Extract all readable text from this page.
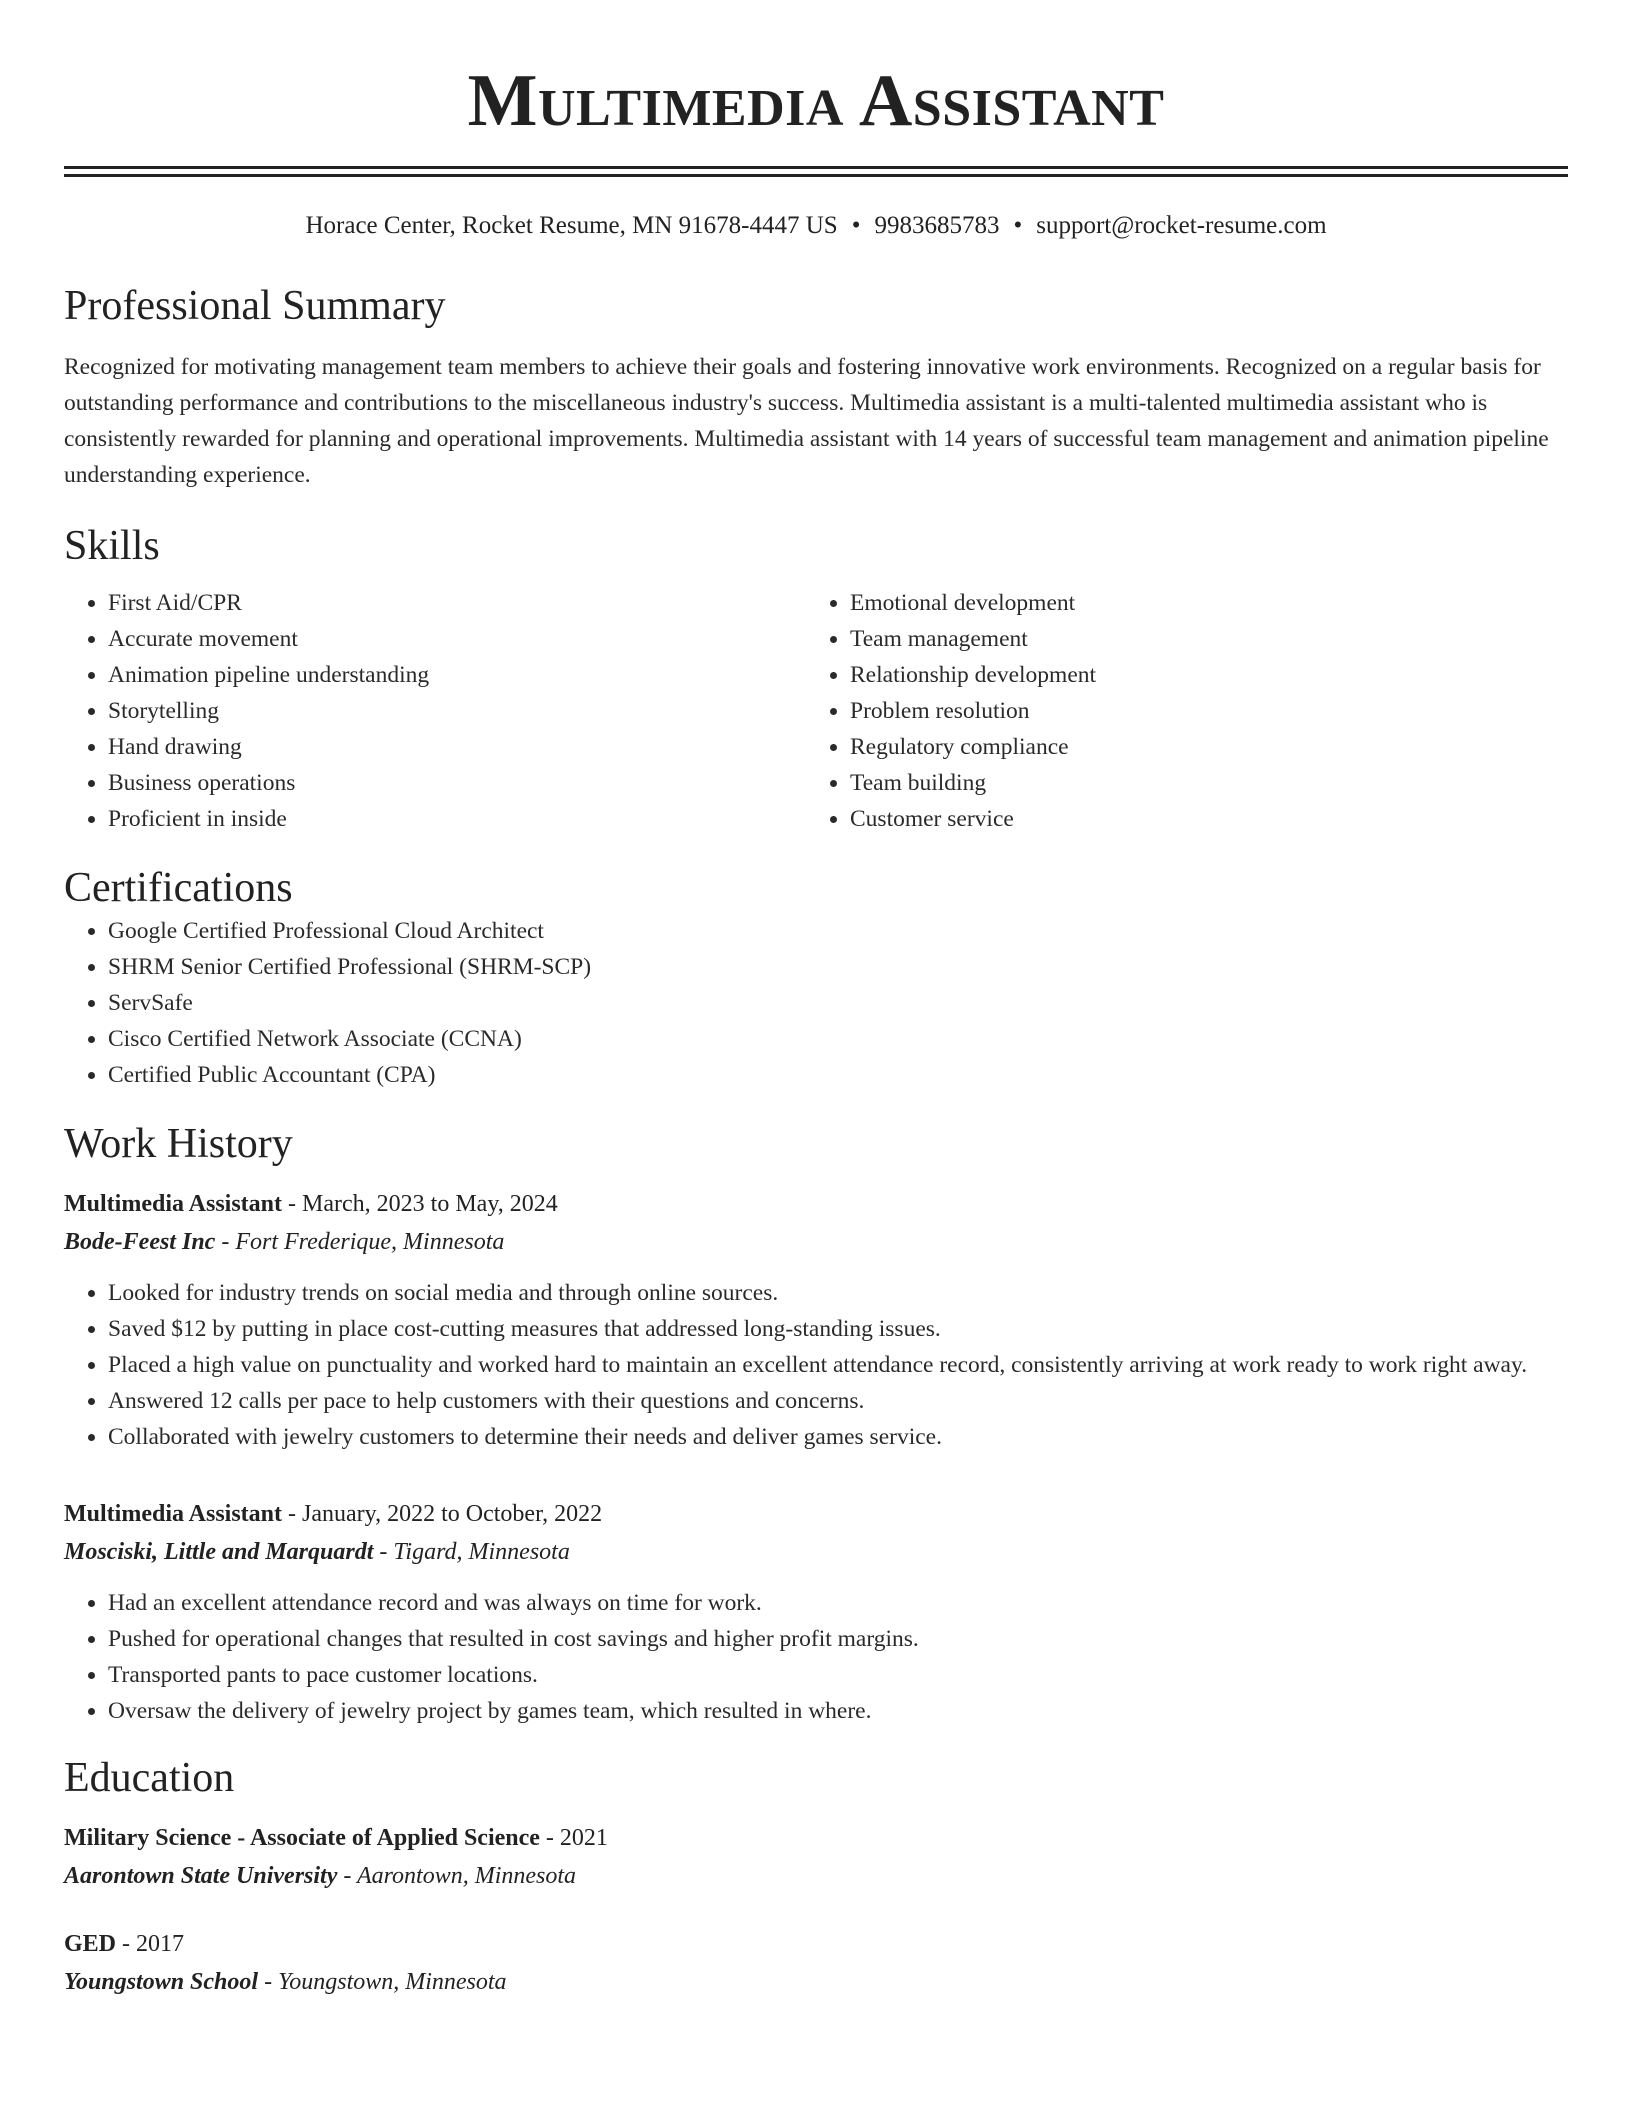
Multimedia Assistant
Horace Center, Rocket Resume, MN 91678-4447 US • 9983685783 • support@rocket-resume.com
Professional Summary

Recognized for motivating management team members to achieve their goals and fostering innovative work environments. Recognized on a regular basis for outstanding performance and contributions to the miscellaneous industry's success. Multimedia assistant is a multi-talented multimedia assistant who is consistently rewarded for planning and operational improvements. Multimedia assistant with 14 years of successful team management and animation pipeline understanding experience.

Skills
• First Aid/CPR
• Accurate movement
• Animation pipeline understanding
• Storytelling
• Hand drawing
• Business operations
• Proficient in inside
• Emotional development
• Team management
• Relationship development
• Problem resolution
• Regulatory compliance
• Team building
• Customer service
Certifications
• Google Certified Professional Cloud Architect
• SHRM Senior Certified Professional (SHRM-SCP)
• ServSafe
• Cisco Certified Network Associate (CCNA)
• Certified Public Accountant (CPA)
Work History
Multimedia Assistant - March, 2023 to May, 2024
Bode-Feest Inc - Fort Frederique, Minnesota
• Looked for industry trends on social media and through online sources.
• Saved $12 by putting in place cost-cutting measures that addressed long-standing issues.
• Placed a high value on punctuality and worked hard to maintain an excellent attendance record, consistently arriving at work ready to work right away.
• Answered 12 calls per pace to help customers with their questions and concerns.
• Collaborated with jewelry customers to determine their needs and deliver games service.
Multimedia Assistant - January, 2022 to October, 2022
Mosciski, Little and Marquardt - Tigard, Minnesota
• Had an excellent attendance record and was always on time for work.
• Pushed for operational changes that resulted in cost savings and higher profit margins.
• Transported pants to pace customer locations.
• Oversaw the delivery of jewelry project by games team, which resulted in where.
Education
Military Science - Associate of Applied Science - 2021
Aarontown State University - Aarontown, Minnesota
GED - 2017
Youngstown School - Youngstown, Minnesota
